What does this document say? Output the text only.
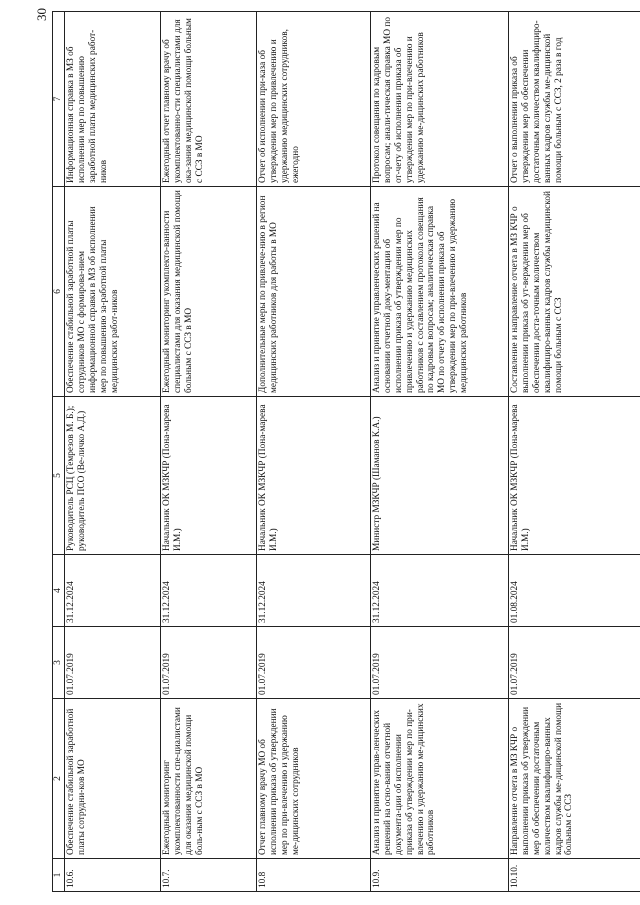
30
1	2	3	4	5	6	7
10.6.	Обеспечение стабильной заработной платы сотрудни-ков МО	01.07.2019	31.12.2024	Руководитель РСЦ (Темрезов М. Б.); руководитель ПСО (Ве-личко А.Д.)	Обеспечение стабильной заработной платы сотрудников МО с формирова-нием информационной справки в МЗ об исполнении мер по повышению за-работной платы медицинских работ-ников	Информационная справка в МЗ об исполнении мер по повышению заработной платы медицинских работ-ников
10.7.	Ежегодный мониторинг укомплектованности спе-циалистами для оказания медицинской помощи боль-ным с ССЗ в МО	01.07.2019	31.12.2024	Начальник ОК МЗКЧР (Пона-марева И.М.)	Ежегодный мониторинг укомплекто-ванности специалистами для оказания медицинской помощи больным с ССЗ в МО	Ежегодный отчет главному врачу об укомплектованно-сти специалистами для ока-зания медицинской помощи больным с ССЗ в МО
10.8	Отчет главному врачу МО об исполнении приказа об утверждении мер по при-влечению и удержанию ме-дицинских сотрудников	01.07.2019	31.12.2024	Начальник ОК МЗКЧР (Пона-марева И.М.)	Дополнительные меры по привлече-нию в регион медицинских работников для работы в МО	Отчет об исполнении при-каза об утверждении мер по привлечению и удержанию медицинских сотрудников, ежегодно
10.9.	Анализ и принятие управ-ленческих решений на осно-вании отчетной документа-ции об исполнении приказа об утверждении мер по при-влечению и удержанию ме-дицинских работников	01.07.2019	31.12.2024	Министр МЗКЧР (Шаманов К.А.)	Анализ и принятие управленческих решений на основании отчетной доку-ментации об исполнении приказа об утверждении мер по привлечению и удержанию медицинских работников с составлением протокола совещания по кадровым вопросам; аналитическая справка МО по отчету об исполнении приказа об утверждении мер по при-влечению и удержанию медицинских работников	Протокол совещания по кадровым вопросам; анали-тическая справка МО по от-чету об исполнении приказа об утверждении мер по при-влечению и удержанию ме-дицинских работников
10.10.	Направление отчета в МЗ КЧР о выполнении приказа об утверждении мер об обеспечении достаточным количеством квалифициро-ванных кадров службы ме-дицинской помощи больным с ССЗ	01.07.2019	01.08.2024	Начальник ОК МЗКЧР (Пона-марева И.М.)	Составление и направление отчета в МЗ КЧР о выполнении приказа об ут-верждении мер об обеспечении доста-точным количеством квалифициро-ванных кадров службы медицинской помощи больным с ССЗ	Отчет о выполнении приказа об утверждении мер об обеспечении достаточным количеством квалифициро-ванных кадров службы ме-дицинской помощи больным с ССЗ, 2 раза в год
